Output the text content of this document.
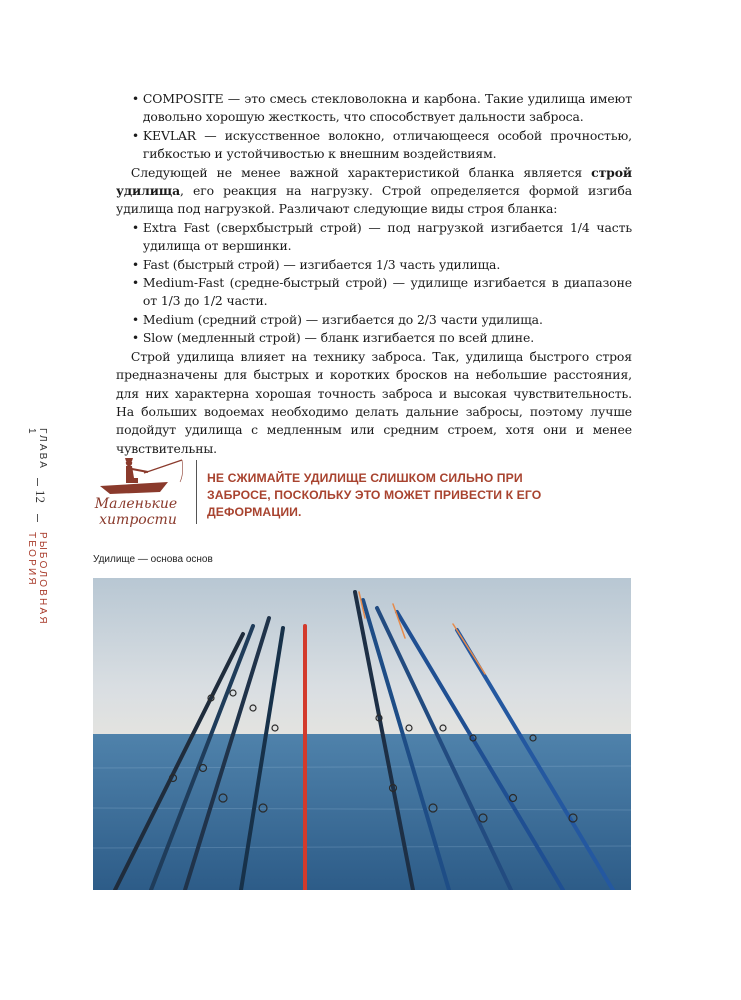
• COMPOSITE — это смесь стекловолокна и карбона. Такие удилища имеют довольно хорошую жесткость, что способствует дальности заброса.
• KEVLAR — искусственное волокно, отличающееся особой прочностью, гибкостью и устойчивостью к внешним воздействиям.
Следующей не менее важной характеристикой бланка является строй удилища, его реакция на нагрузку. Строй определяется формой изгиба удилища под нагрузкой. Различают следующие виды строя бланка:
• Extra Fast (сверхбыстрый строй) — под нагрузкой изгибается 1/4 часть удилища от вершинки.
• Fast (быстрый строй) — изгибается 1/3 часть удилища.
• Medium-Fast (средне-быстрый строй) — удилище изгибается в диапазоне от 1/3 до 1/2 части.
• Medium (средний строй) — изгибается до 2/3 части удилища.
• Slow (медленный строй) — бланк изгибается по всей длине.
Строй удилища влияет на технику заброса. Так, удилища быстрого строя предназначены для быстрых и коротких бросков на небольшие расстояния, для них характерна хорошая точность заброса и высокая чувствительность. На больших водоемах необходимо делать дальние забросы, поэтому лучше подойдут удилища с медленным или средним строем, хотя они и менее чувствительны.
ГЛАВА 1
12
РЫБОЛОВНАЯ ТЕОРИЯ
Маленькие
хитрости
НЕ СЖИМАЙТЕ УДИЛИЩЕ СЛИШКОМ СИЛЬНО ПРИ ЗАБРОСЕ, ПОСКОЛЬКУ ЭТО МОЖЕТ ПРИВЕСТИ К ЕГО ДЕФОРМАЦИИ.
Удилище — основа основ
